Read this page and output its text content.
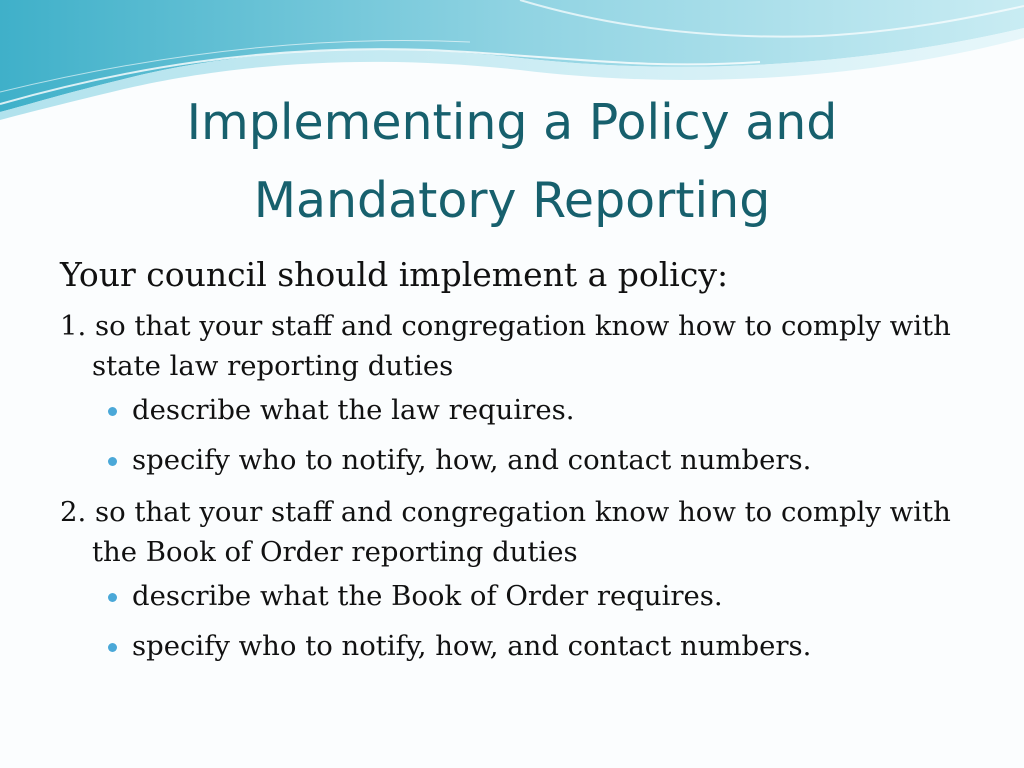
Implementing a Policy and
Mandatory Reporting

Your council should implement a policy:

1. so that your staff and congregation know how to comply with state law reporting duties

describe what the law requires.
specify who to notify, how, and contact numbers.

2. so that your staff and congregation know how to comply with the Book of Order reporting duties

describe what the Book of Order requires.
specify who to notify, how, and contact numbers.
